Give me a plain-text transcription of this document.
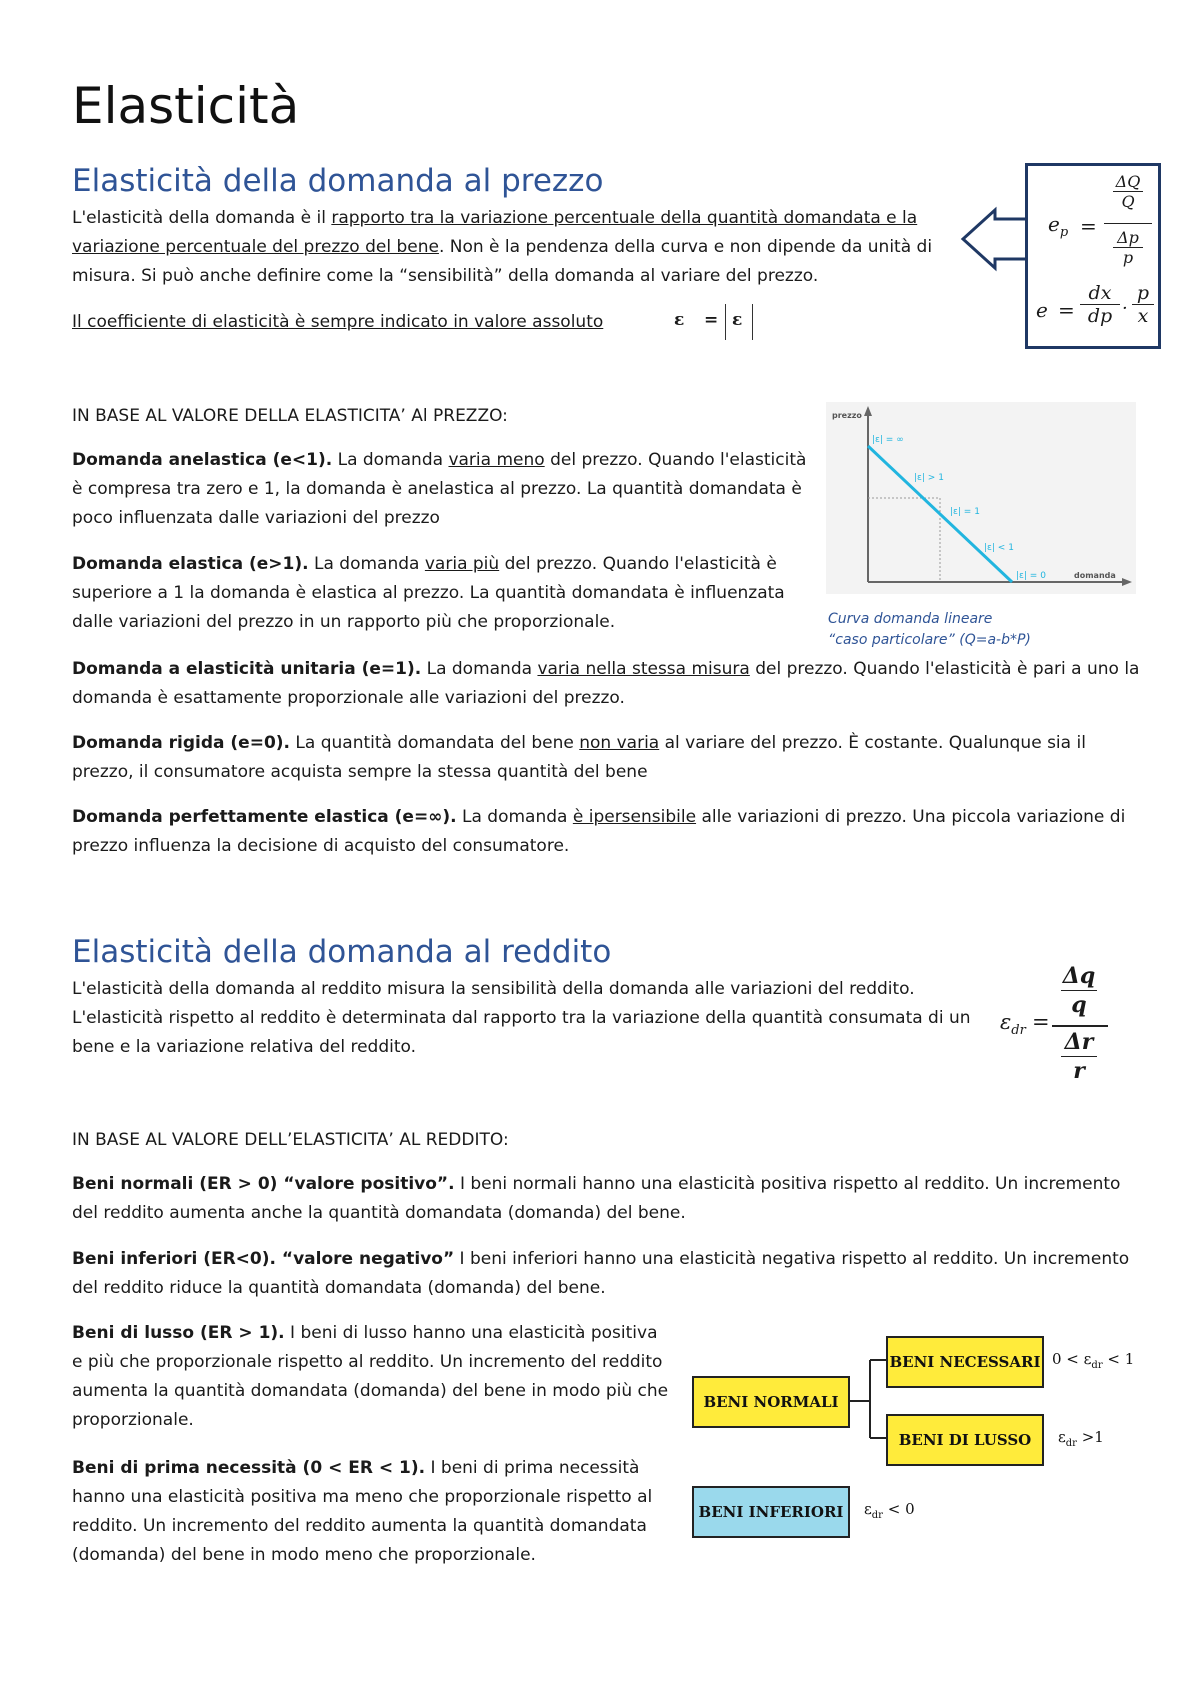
Elasticità
Elasticità della domanda al prezzo

L'elasticità della domanda è il rapporto tra la variazione percentuale della quantità domandata e la variazione percentuale del prezzo del bene. Non è la pendenza della curva e non dipende da unità di misura. Si può anche definire come la “sensibilità” della domanda al variare del prezzo.

Il coefficiente di elasticità è sempre indicato in valore assoluto	ε = ε
$e_p$ =
ΔQ
Q
Δp
p
e =
dx
dp ·
p
x

IN BASE AL VALORE DELLA ELASTICITA’ Al PREZZO:	prezzo
domanda
|ε| = ∞
|ε| > 1
|ε| = 1
|ε| < 1
|ε| = 0
Curva domanda lineare
“caso particolare” (Q=a-b*P)

Domanda anelastica (e<1). La domanda varia meno del prezzo. Quando l'elasticità è compresa tra zero e 1, la domanda è anelastica al prezzo. La quantità domandata è poco influenzata dalle variazioni del prezzo

Domanda elastica (e>1). La domanda varia più del prezzo. Quando l'elasticità è superiore a 1 la domanda è elastica al prezzo. La quantità domandata è influenzata dalle variazioni del prezzo in un rapporto più che proporzionale.

Domanda a elasticità unitaria (e=1). La domanda varia nella stessa misura del prezzo. Quando l'elasticità è pari a uno la domanda è esattamente proporzionale alle variazioni del prezzo.

Domanda rigida (e=0). La quantità domandata del bene non varia al variare del prezzo. È costante. Qualunque sia il prezzo, il consumatore acquista sempre la stessa quantità del bene

Domanda perfettamente elastica (e=∞). La domanda è ipersensibile alle variazioni di prezzo. Una piccola variazione di prezzo influenza la decisione di acquisto del consumatore.

Elasticità della domanda al reddito

L'elasticità della domanda al reddito misura la sensibilità della domanda alle variazioni del reddito. L'elasticità rispetto al reddito è determinata dal rapporto tra la variazione della quantità consumata di un bene e la variazione relativa del reddito.

$\varepsilon_{dr}$ =
Δq
q
Δr
r

IN BASE AL VALORE DELL’ELASTICITA’ AL REDDITO:

Beni normali (ER > 0) “valore positivo”. I beni normali hanno una elasticità positiva rispetto al reddito. Un incremento del reddito aumenta anche la quantità domandata (domanda) del bene.

Beni inferiori (ER<0). “valore negativo” I beni inferiori hanno una elasticità negativa rispetto al reddito. Un incremento del reddito riduce la quantità domandata (domanda) del bene.

Beni di lusso (ER > 1). I beni di lusso hanno una elasticità positiva e più che proporzionale rispetto al reddito. Un incremento del reddito aumenta la quantità domandata (domanda) del bene in modo più che proporzionale.

Beni di prima necessità (0 < ER < 1). I beni di prima necessità hanno una elasticità positiva ma meno che proporzionale rispetto al reddito. Un incremento del reddito aumenta la quantità domandata (domanda) del bene in modo meno che proporzionale.

BENI NORMALI
BENI NECESSARI
BENI DI LUSSO
BENI INFERIORI
$0 < \varepsilon_{dr} < 1$
$\varepsilon_{dr} >1$
$\varepsilon_{dr} < 0$
